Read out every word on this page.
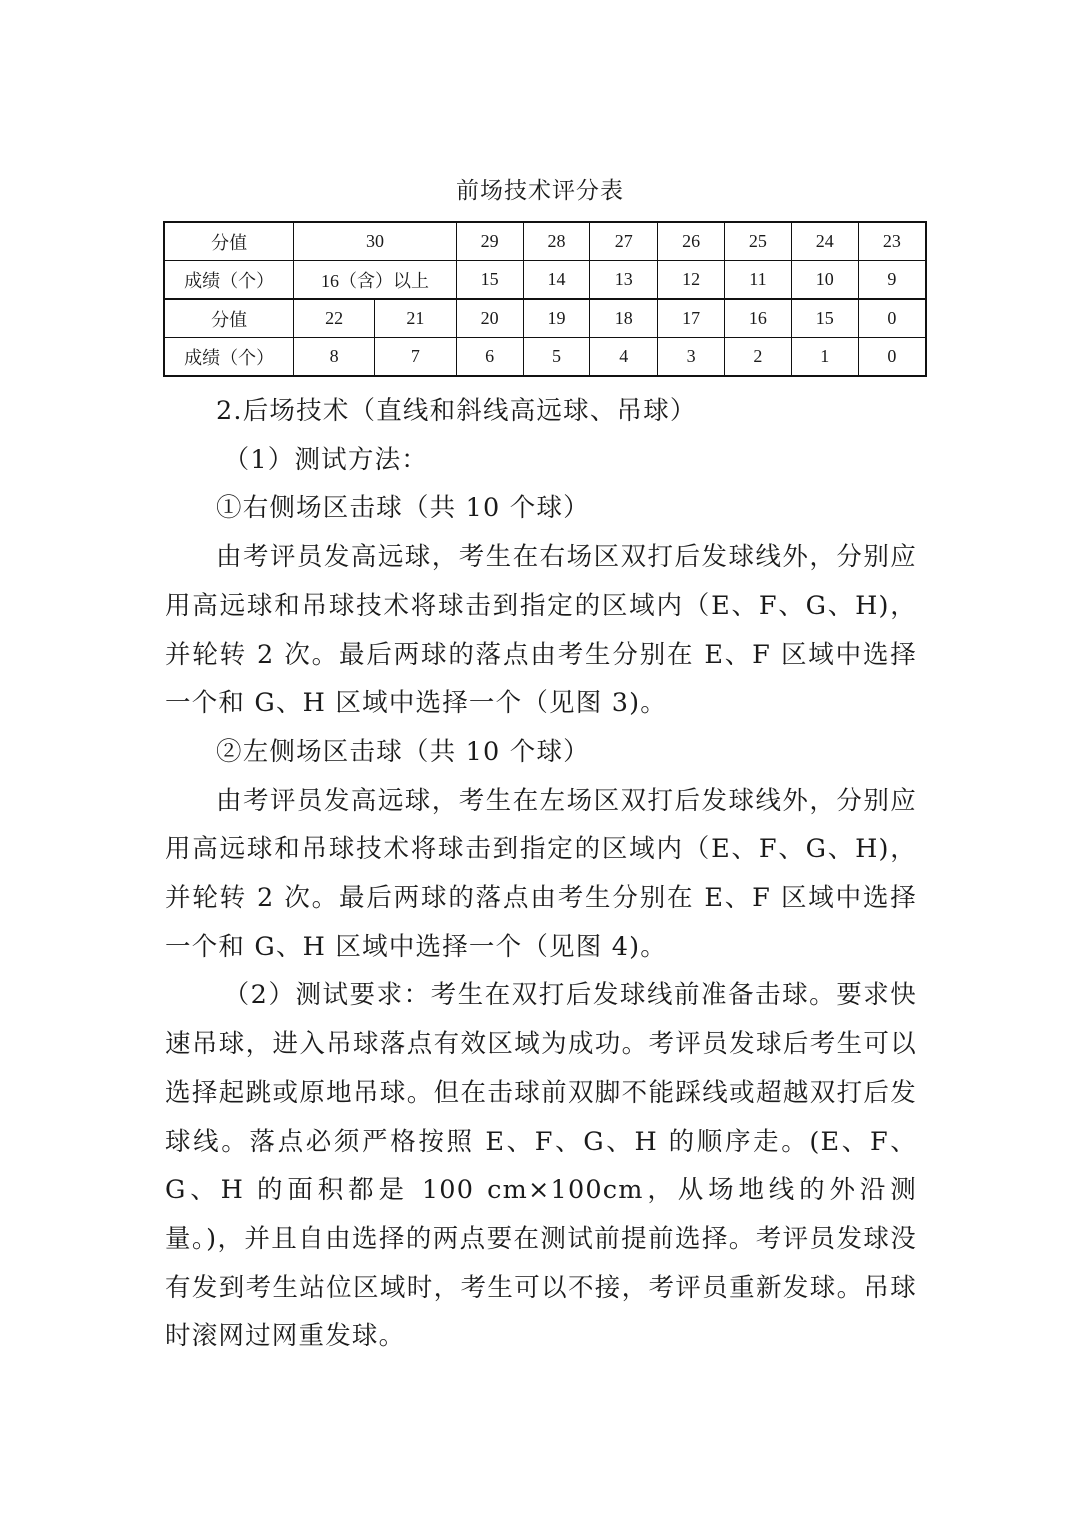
前场技术评分表
分值	30		29	28	27	26	25	24	23
成绩（个）	16（含）以上		15	14	13	12	11	10	9
分值	22	21	20	19	18	17	16	15	0
成绩（个）	8	7	6	5	4	3	2	1	0

2.后场技术（直线和斜线高远球、吊球）

（1）测试方法：

①右侧场区击球（共 10 个球）

由考评员发高远球，考生在右场区双打后发球线外，分别应用高远球和吊球技术将球击到指定的区域内（E、F、G、H)，并轮转 2 次。最后两球的落点由考生分别在 E、F 区域中选择一个和 G、H 区域中选择一个（见图 3)。

②左侧场区击球（共 10 个球）

由考评员发高远球，考生在左场区双打后发球线外，分别应用高远球和吊球技术将球击到指定的区域内（E、F、G、H)，并轮转 2 次。最后两球的落点由考生分别在 E、F 区域中选择一个和 G、H 区域中选择一个（见图 4)。

（2）测试要求：考生在双打后发球线前准备击球。要求快速吊球，进入吊球落点有效区域为成功。考评员发球后考生可以选择起跳或原地吊球。但在击球前双脚不能踩线或超越双打后发球线。落点必须严格按照 E、F、G、H 的顺序走。(E、F、G、H 的面积都是 100 cm×100cm，从场地线的外沿测量。)，并且自由选择的两点要在测试前提前选择。考评员发球没有发到考生站位区域时，考生可以不接，考评员重新发球。吊球时滚网过网重发球。
